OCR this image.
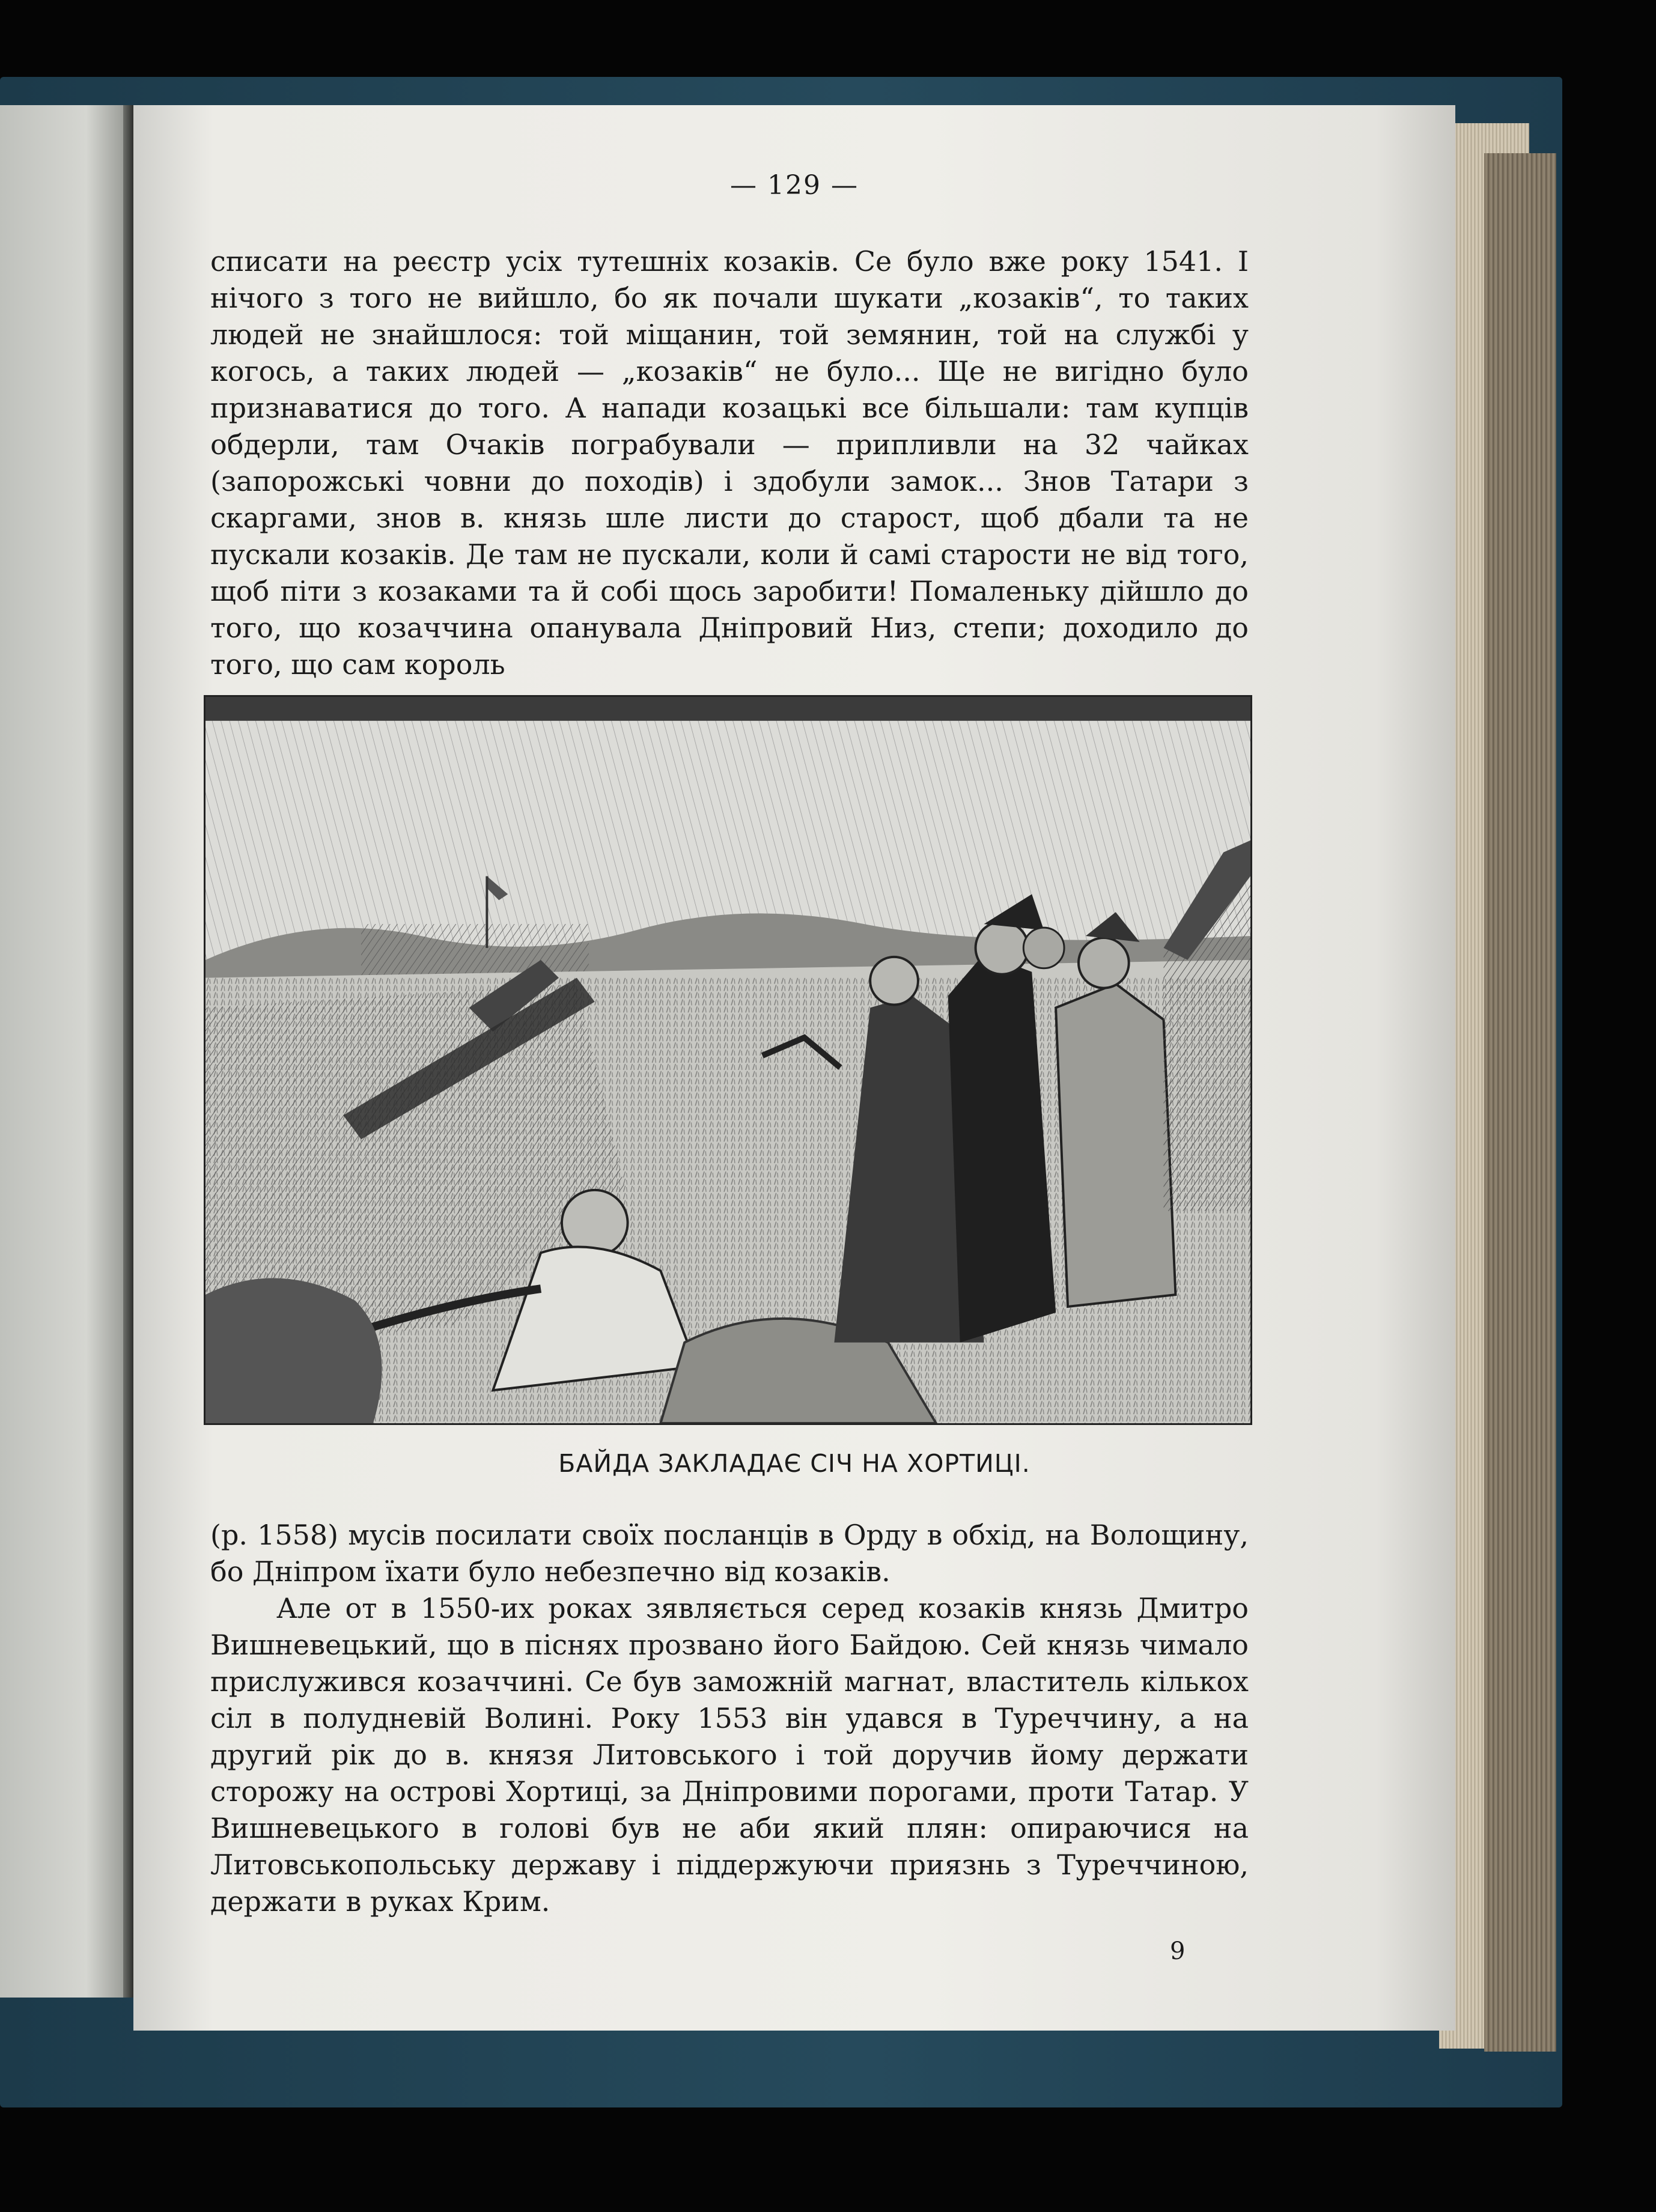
— 129 —

списати на реєстр усіх тутешніх козаків. Се було вже року 1541. І нічого з того не вийшло, бо як почали шукати „козаків“, то таких людей не знайшлося: той міщанин, той земянин, той на службі у когось, а таких людей — „козаків“ не було... Ще не вигідно було признаватися до того. А напади козацькі все більшали: там купців обдерли, там Очаків пограбували — припливли на 32 чайках (запорожські човни до походів) і здобули замок... Знов Татари з скаргами, знов в. князь шле листи до старост, щоб дбали та не пускали козаків. Де там не пускали, коли й самі старости не від того, щоб піти з козаками та й собі щось заробити! Помаленьку дійшло до того, що козаччина опанувала Дніпровий Низ, степи; доходило до того, що сам король

БАЙДА ЗАКЛАДАЄ СІЧ НА ХОРТИЦІ.

(р. 1558) мусів посилати своїх посланців в Орду в обхід, на Волощину, бо Дніпром їхати було небезпечно від козаків.

Але от в 1550-их роках зявляється серед козаків князь Дмитро Вишневецький, що в піснях прозвано його Байдою. Сей князь чимало прислужився козаччині. Се був заможній магнат, властитель кількох сіл в полудневій Волині. Року 1553 він удався в Туреччину, а на другий рік до в. князя Литовського і той доручив йому держати сторожу на острові Хортиці, за Дніпровими порогами, проти Татар. У Вишневецького в голові був не аби який плян: опираючися на Литовськопольську державу і піддержуючи приязнь з Туреччиною, держати в руках Крим.

9
